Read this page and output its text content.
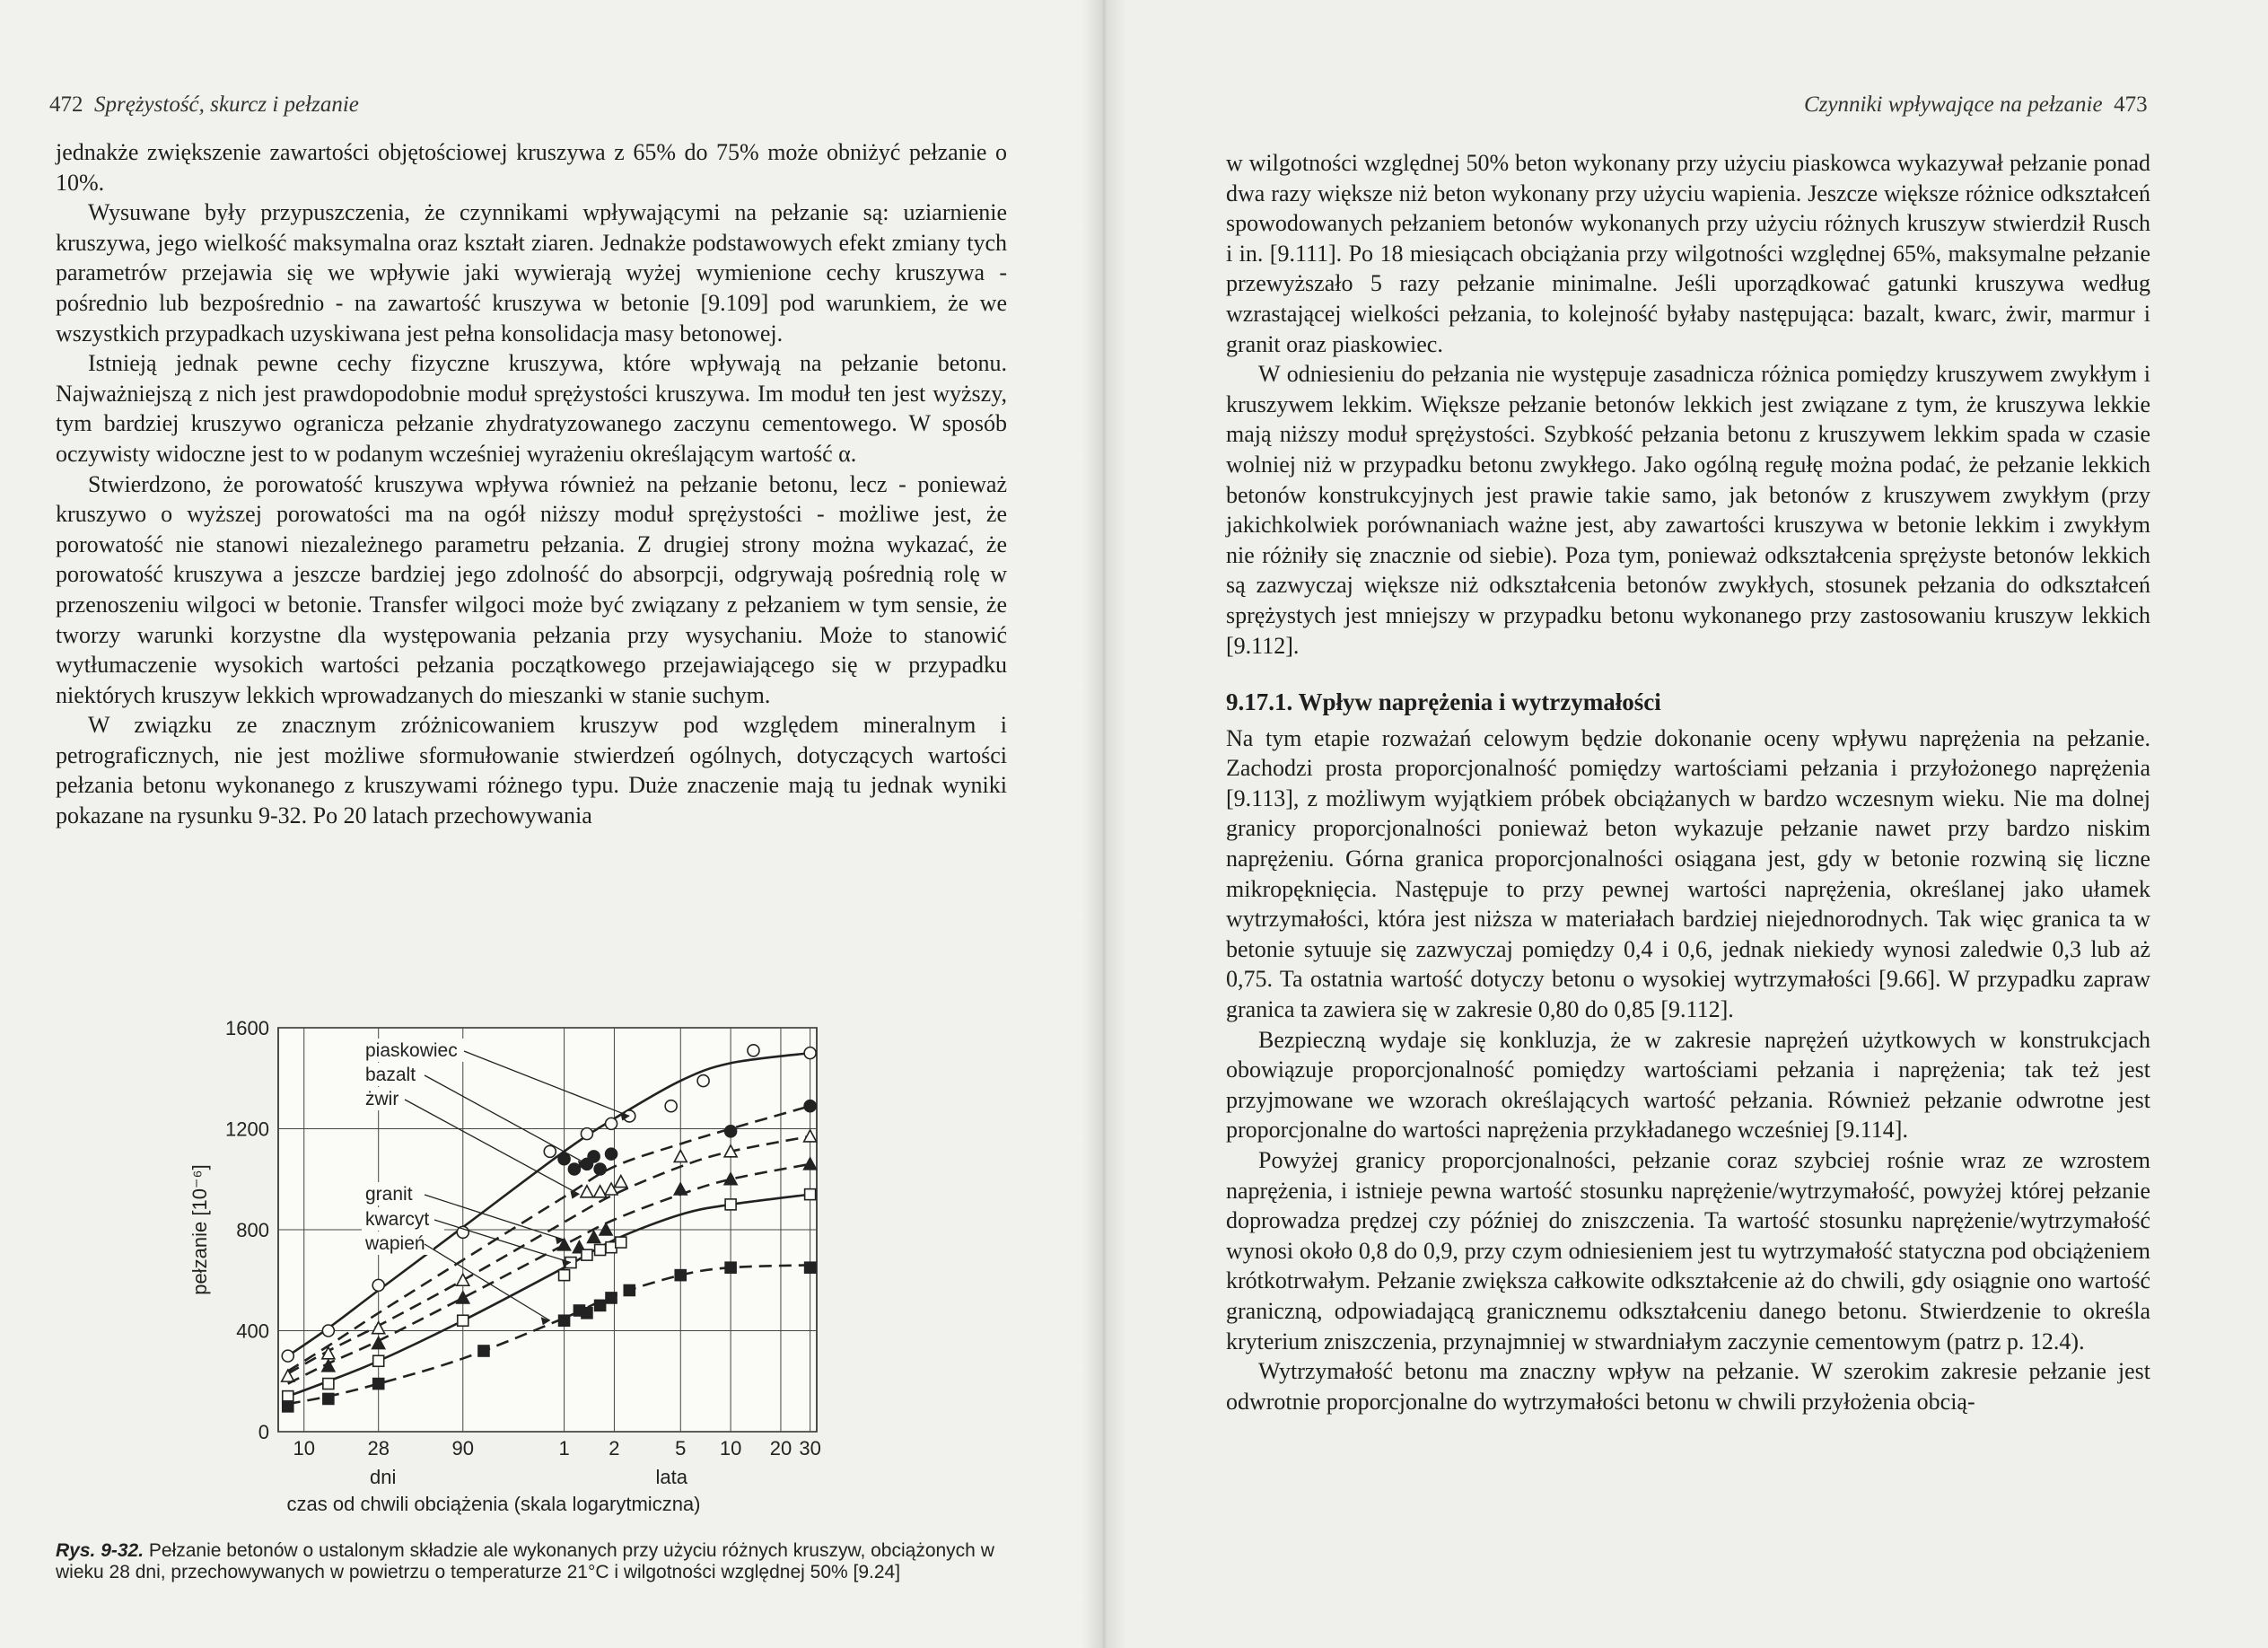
472 Sprężystość, skurcz i pełzanie

jednakże zwiększenie zawartości objętościowej kruszywa z 65% do 75% może obniżyć pełzanie o 10%.

Wysuwane były przypuszczenia, że czynnikami wpływającymi na pełzanie są: uziarnienie kruszywa, jego wielkość maksymalna oraz kształt ziaren. Jednakże podstawowych efekt zmiany tych parametrów przejawia się we wpływie jaki wywierają wyżej wymienione cechy kruszywa - pośrednio lub bezpośrednio - na zawartość kruszywa w betonie [9.109] pod warunkiem, że we wszystkich przypadkach uzyskiwana jest pełna konsolidacja masy betonowej.

Istnieją jednak pewne cechy fizyczne kruszywa, które wpływają na pełzanie betonu. Najważniejszą z nich jest prawdopodobnie moduł sprężystości kruszywa. Im moduł ten jest wyższy, tym bardziej kruszywo ogranicza pełzanie zhydratyzowanego zaczynu cementowego. W sposób oczywisty widoczne jest to w podanym wcześniej wyrażeniu określającym wartość α.

Stwierdzono, że porowatość kruszywa wpływa również na pełzanie betonu, lecz - ponieważ kruszywo o wyższej porowatości ma na ogół niższy moduł sprężystości - możliwe jest, że porowatość nie stanowi niezależnego parametru pełzania. Z drugiej strony można wykazać, że porowatość kruszywa a jeszcze bardziej jego zdolność do absorpcji, odgrywają pośrednią rolę w przenoszeniu wilgoci w betonie. Transfer wilgoci może być związany z pełzaniem w tym sensie, że tworzy warunki korzystne dla występowania pełzania przy wysychaniu. Może to stanowić wytłumaczenie wysokich wartości pełzania początkowego przejawiającego się w przypadku niektórych kruszyw lekkich wprowadzanych do mieszanki w stanie suchym.

W związku ze znacznym zróżnicowaniem kruszyw pod względem mineralnym i petrograficznych, nie jest możliwe sformułowanie stwierdzeń ogólnych, dotyczących wartości pełzania betonu wykonanego z kruszywami różnego typu. Duże znaczenie mają tu jednak wyniki pokazane na rysunku 9-32. Po 20 latach przechowywania

10	28	90	1 2	5 10 20 30
0
400
800
1200
1600
dni	lata
czas od chwili obciążenia (skala logarytmiczna)
pełzanie [10⁻⁶]
piaskowiec
bazalt
żwir
granit
kwarcyt
wapień
Rys. 9-32. Pełzanie betonów o ustalonym składzie ale wykonanych przy użyciu różnych kruszyw, obciążonych w wieku 28 dni, przechowywanych w powietrzu o temperaturze 21°C i wilgotności względnej 50% [9.24]
Czynniki wpływające na pełzanie 473

w wilgotności względnej 50% beton wykonany przy użyciu piaskowca wykazywał pełzanie ponad dwa razy większe niż beton wykonany przy użyciu wapienia. Jeszcze większe różnice odkształceń spowodowanych pełzaniem betonów wykonanych przy użyciu różnych kruszyw stwierdził Rusch i in. [9.111]. Po 18 miesiącach obciążania przy wilgotności względnej 65%, maksymalne pełzanie przewyższało 5 razy pełzanie minimalne. Jeśli uporządkować gatunki kruszywa według wzrastającej wielkości pełzania, to kolejność byłaby następująca: bazalt, kwarc, żwir, marmur i granit oraz piaskowiec.

W odniesieniu do pełzania nie występuje zasadnicza różnica pomiędzy kruszywem zwykłym i kruszywem lekkim. Większe pełzanie betonów lekkich jest związane z tym, że kruszywa lekkie mają niższy moduł sprężystości. Szybkość pełzania betonu z kruszywem lekkim spada w czasie wolniej niż w przypadku betonu zwykłego. Jako ogólną regułę można podać, że pełzanie lekkich betonów konstrukcyjnych jest prawie takie samo, jak betonów z kruszywem zwykłym (przy jakichkolwiek porównaniach ważne jest, aby zawartości kruszywa w betonie lekkim i zwykłym nie różniły się znacznie od siebie). Poza tym, ponieważ odkształcenia sprężyste betonów lekkich są zazwyczaj większe niż odkształcenia betonów zwykłych, stosunek pełzania do odkształceń sprężystych jest mniejszy w przypadku betonu wykonanego przy zastosowaniu kruszyw lekkich [9.112].

9.17.1. Wpływ naprężenia i wytrzymałości

Na tym etapie rozważań celowym będzie dokonanie oceny wpływu naprężenia na pełzanie. Zachodzi prosta proporcjonalność pomiędzy wartościami pełzania i przyłożonego naprężenia [9.113], z możliwym wyjątkiem próbek obciążanych w bardzo wczesnym wieku. Nie ma dolnej granicy proporcjonalności ponieważ beton wykazuje pełzanie nawet przy bardzo niskim naprężeniu. Górna granica proporcjonalności osiągana jest, gdy w betonie rozwiną się liczne mikropęknięcia. Następuje to przy pewnej wartości naprężenia, określanej jako ułamek wytrzymałości, która jest niższa w materiałach bardziej niejednorodnych. Tak więc granica ta w betonie sytuuje się zazwyczaj pomiędzy 0,4 i 0,6, jednak niekiedy wynosi zaledwie 0,3 lub aż 0,75. Ta ostatnia wartość dotyczy betonu o wysokiej wytrzymałości [9.66]. W przypadku zapraw granica ta zawiera się w zakresie 0,80 do 0,85 [9.112].

Bezpieczną wydaje się konkluzja, że w zakresie naprężeń użytkowych w konstrukcjach obowiązuje proporcjonalność pomiędzy wartościami pełzania i naprężenia; tak też jest przyjmowane we wzorach określających wartość pełzania. Również pełzanie odwrotne jest proporcjonalne do wartości naprężenia przykładanego wcześniej [9.114].

Powyżej granicy proporcjonalności, pełzanie coraz szybciej rośnie wraz ze wzrostem naprężenia, i istnieje pewna wartość stosunku naprężenie/wytrzymałość, powyżej której pełzanie doprowadza prędzej czy później do zniszczenia. Ta wartość stosunku naprężenie/wytrzymałość wynosi około 0,8 do 0,9, przy czym odniesieniem jest tu wytrzymałość statyczna pod obciążeniem krótkotrwałym. Pełzanie zwiększa całkowite odkształcenie aż do chwili, gdy osiągnie ono wartość graniczną, odpowiadającą granicznemu odkształceniu danego betonu. Stwierdzenie to określa kryterium zniszczenia, przynajmniej w stwardniałym zaczynie cementowym (patrz p. 12.4).

Wytrzymałość betonu ma znaczny wpływ na pełzanie. W szerokim zakresie pełzanie jest odwrotnie proporcjonalne do wytrzymałości betonu w chwili przyłożenia obcią-
